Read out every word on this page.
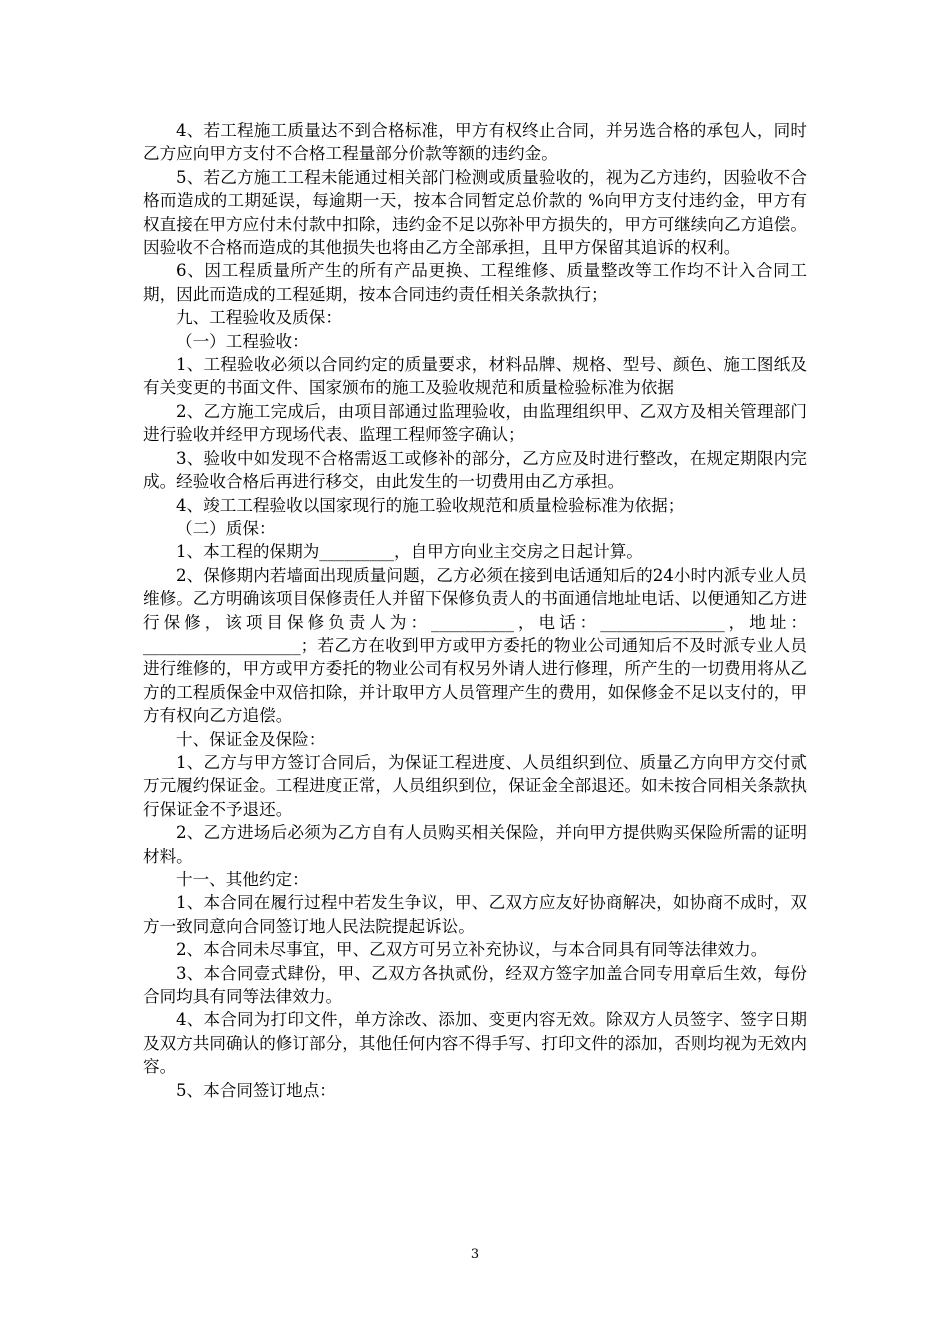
4、若工程施工质量达不到合格标准，甲方有权终止合同，并另选合格的承包人，同时乙方应向甲方支付不合格工程量部分价款等额的违约金。

5、若乙方施工工程未能通过相关部门检测或质量验收的，视为乙方违约，因验收不合格而造成的工期延误，每逾期一天，按本合同暂定总价款的 %向甲方支付违约金，甲方有权直接在甲方应付未付款中扣除，违约金不足以弥补甲方损失的，甲方可继续向乙方追偿。因验收不合格而造成的其他损失也将由乙方全部承担，且甲方保留其追诉的权利。

6、因工程质量所产生的所有产品更换、工程维修、质量整改等工作均不计入合同工期，因此而造成的工程延期，按本合同违约责任相关条款执行；

九、工程验收及质保：

（一）工程验收：

1、工程验收必须以合同约定的质量要求，材料品牌、规格、型号、颜色、施工图纸及有关变更的书面文件、国家颁布的施工及验收规范和质量检验标准为依据

2、乙方施工完成后，由项目部通过监理验收，由监理组织甲、乙双方及相关管理部门进行验收并经甲方现场代表、监理工程师签字确认；

3、验收中如发现不合格需返工或修补的部分，乙方应及时进行整改，在规定期限内完成。经验收合格后再进行移交，由此发生的一切费用由乙方承担。

4、竣工工程验收以国家现行的施工验收规范和质量检验标准为依据；

（二）质保：

1、本工程的保期为_________，自甲方向业主交房之日起计算。

2、保修期内若墙面出现质量问题，乙方必须在接到电话通知后的24小时内派专业人员维修。乙方明确该项目保修责任人并留下保修负责人的书面通信地址电话、以便通知乙方进行保修，该项目保修负责人为：__________，电话：_______________，地址：___________________；若乙方在收到甲方或甲方委托的物业公司通知后不及时派专业人员进行维修的，甲方或甲方委托的物业公司有权另外请人进行修理，所产生的一切费用将从乙方的工程质保金中双倍扣除，并计取甲方人员管理产生的费用，如保修金不足以支付的，甲方有权向乙方追偿。

十、保证金及保险：

1、乙方与甲方签订合同后，为保证工程进度、人员组织到位、质量乙方向甲方交付贰万元履约保证金。工程进度正常，人员组织到位，保证金全部退还。如未按合同相关条款执行保证金不予退还。

2、乙方进场后必须为乙方自有人员购买相关保险，并向甲方提供购买保险所需的证明材料。

十一、其他约定：

1、本合同在履行过程中若发生争议，甲、乙双方应友好协商解决，如协商不成时，双方一致同意向合同签订地人民法院提起诉讼。

2、本合同未尽事宜，甲、乙双方可另立补充协议，与本合同具有同等法律效力。

3、本合同壹式肆份，甲、乙双方各执贰份，经双方签字加盖合同专用章后生效，每份合同均具有同等法律效力。

4、本合同为打印文件，单方涂改、添加、变更内容无效。除双方人员签字、签字日期及双方共同确认的修订部分，其他任何内容不得手写、打印文件的添加，否则均视为无效内容。

5、本合同签订地点：

3
